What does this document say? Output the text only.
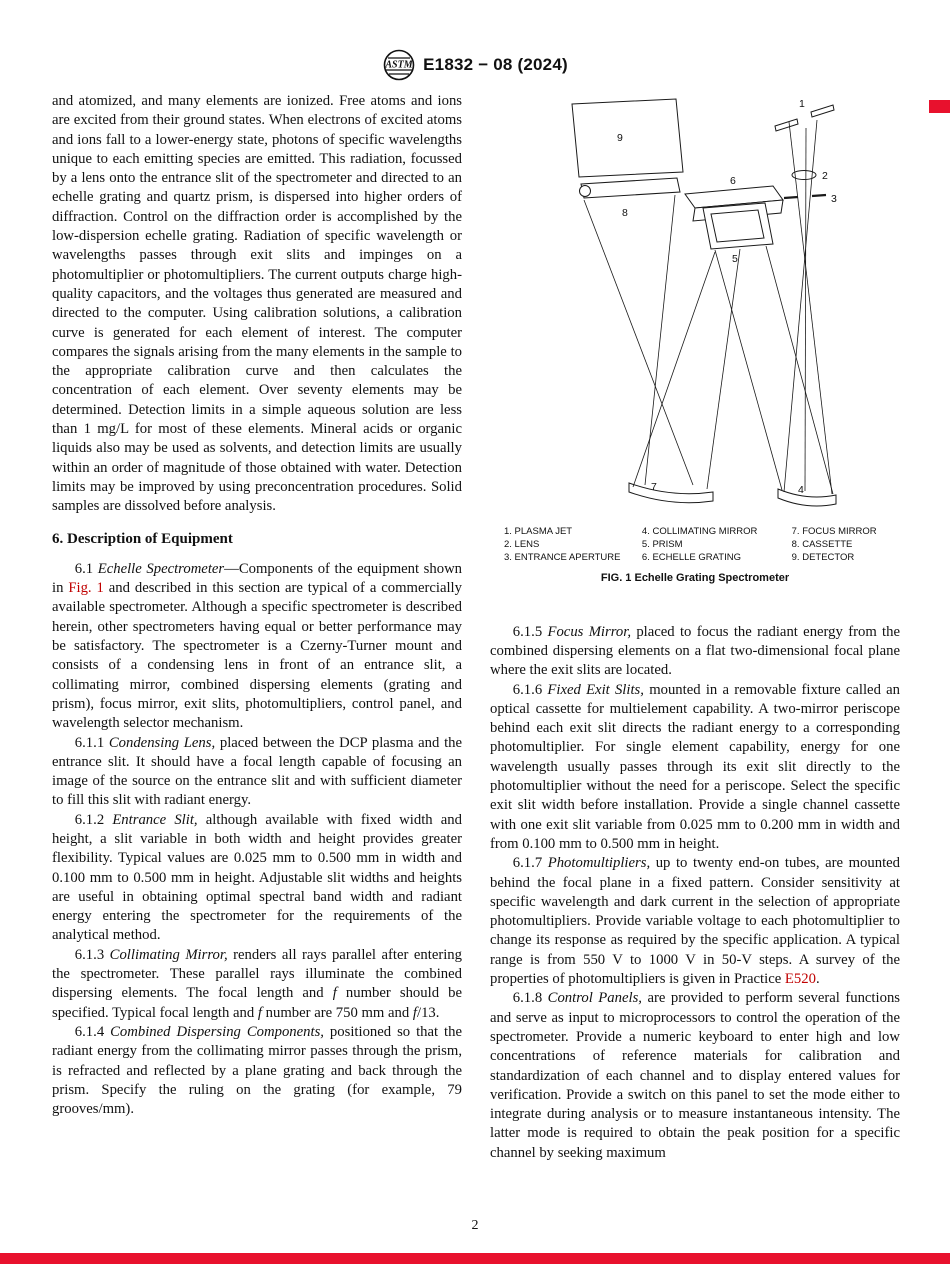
ASTM E1832 − 08 (2024)

and atomized, and many elements are ionized. Free atoms and ions are excited from their ground states. When electrons of excited atoms and ions fall to a lower-energy state, photons of specific wavelengths unique to each emitting species are emitted. This radiation, focussed by a lens onto the entrance slit of the spectrometer and directed to an echelle grating and quartz prism, is dispersed into higher orders of diffraction. Control on the diffraction order is accomplished by the low-dispersion echelle grating. Radiation of specific wavelength or wavelengths passes through exit slits and impinges on a photomultiplier or photomultipliers. The current outputs charge high-quality capacitors, and the voltages thus generated are measured and directed to the computer. Using calibration solutions, a calibration curve is generated for each element of interest. The computer compares the signals arising from the many elements in the sample to the appropriate calibration curve and then calculates the concentration of each element. Over seventy elements may be determined. Detection limits in a simple aqueous solution are less than 1 mg/L for most of these elements. Mineral acids or organic liquids also may be used as solvents, and detection limits are usually within an order of magnitude of those obtained with water. Detection limits may be improved by using preconcentration procedures. Solid samples are dissolved before analysis.

6. Description of Equipment

6.1 Echelle Spectrometer—Components of the equipment shown in Fig. 1 and described in this section are typical of a commercially available spectrometer. Although a specific spectrometer is described herein, other spectrometers having equal or better performance may be satisfactory. The spectrometer is a Czerny-Turner mount and consists of a condensing lens in front of an entrance slit, a collimating mirror, combined dispersing elements (grating and prism), focus mirror, exit slits, photomultipliers, control panel, and wavelength selector mechanism.

6.1.1 Condensing Lens, placed between the DCP plasma and the entrance slit. It should have a focal length capable of focusing an image of the source on the entrance slit and with sufficient diameter to fill this slit with radiant energy.

6.1.2 Entrance Slit, although available with fixed width and height, a slit variable in both width and height provides greater flexibility. Typical values are 0.025 mm to 0.500 mm in width and 0.100 mm to 0.500 mm in height. Adjustable slit widths and heights are useful in obtaining optimal spectral band width and radiant energy entering the spectrometer for the requirements of the analytical method.

6.1.3 Collimating Mirror, renders all rays parallel after entering the spectrometer. These parallel rays illuminate the combined dispersing elements. The focal length and f number should be specified. Typical focal length and f number are 750 mm and f/13.

6.1.4 Combined Dispersing Components, positioned so that the radiant energy from the collimating mirror passes through the prism, is refracted and reflected by a plane grating and back through the prism. Specify the ruling on the grating (for example, 79 grooves/mm).

9
8
6
5
1
2
3
7	4
1. PLASMA JET
2. LENS
3. ENTRANCE APERTURE
4. COLLIMATING MIRROR
5. PRISM
6. ECHELLE GRATING
7. FOCUS MIRROR
8. CASSETTE
9. DETECTOR
FIG. 1 Echelle Grating Spectrometer

6.1.5 Focus Mirror, placed to focus the radiant energy from the combined dispersing elements on a flat two-dimensional focal plane where the exit slits are located.

6.1.6 Fixed Exit Slits, mounted in a removable fixture called an optical cassette for multielement capability. A two-mirror periscope behind each exit slit directs the radiant energy to a corresponding photomultiplier. For single element capability, energy for one wavelength usually passes through its exit slit directly to the photomultiplier without the need for a periscope. Select the specific exit slit width before installation. Provide a single channel cassette with one exit slit variable from 0.025 mm to 0.200 mm in width and from 0.100 mm to 0.500 mm in height.

6.1.7 Photomultipliers, up to twenty end-on tubes, are mounted behind the focal plane in a fixed pattern. Consider sensitivity at specific wavelength and dark current in the selection of appropriate photomultipliers. Provide variable voltage to each photomultiplier to change its response as required by the specific application. A typical range is from 550 V to 1000 V in 50-V steps. A survey of the properties of photomultipliers is given in Practice E520.

6.1.8 Control Panels, are provided to perform several functions and serve as input to microprocessors to control the operation of the spectrometer. Provide a numeric keyboard to enter high and low concentrations of reference materials for calibration and standardization of each channel and to display entered values for verification. Provide a switch on this panel to set the mode either to integrate during analysis or to measure instantaneous intensity. The latter mode is required to obtain the peak position for a specific channel by seeking maximum

2
